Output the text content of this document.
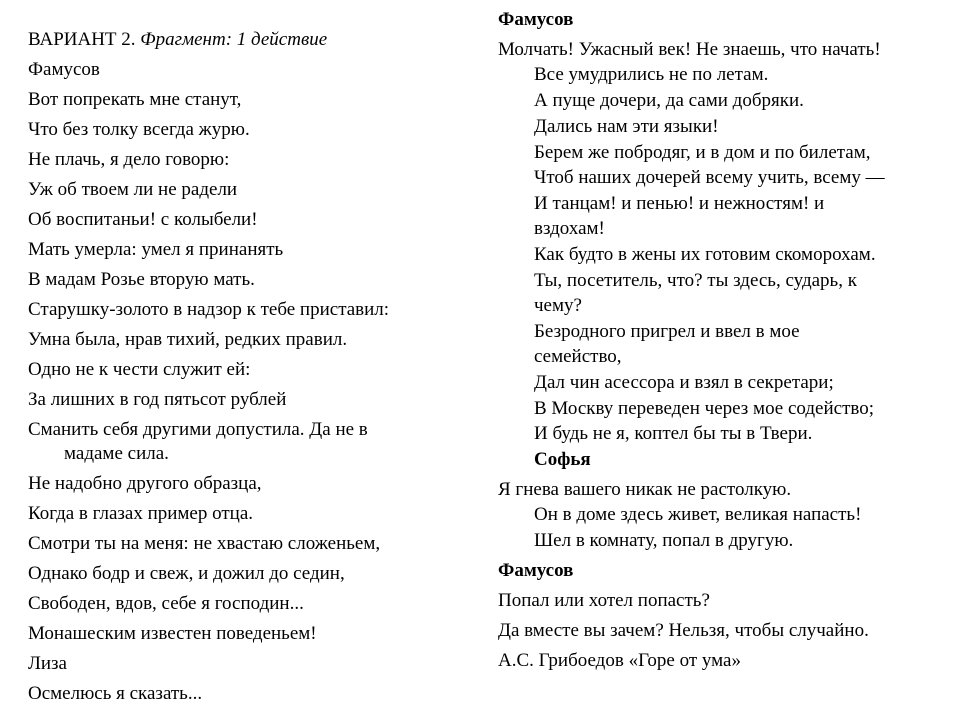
ВАРИАНТ 2. Фрагмент: 1 действие
Фамусов
Вот попрекать мне станут,
Что без толку всегда журю.
Не плачь, я дело говорю:
Уж об твоем ли не радели
Об воспитаньи! с колыбели!
Мать умерла: умел я принанять
В мадам Розье вторую мать.
Старушку-золото в надзор к тебе приставил:
Умна была, нрав тихий, редких правил.
Одно не к чести служит ей:
За лишних в год пятьсот рублей
Сманить себя другими допустила. Да не в
мадаме сила.
Не надобно другого образца,
Когда в глазах пример отца.
Смотри ты на меня: не хвастаю сложеньем,
Однако бодр и свеж, и дожил до седин,
Свободен, вдов, себе я господин...
Монашеским известен поведеньем!
Лиза
Осмелюсь я сказать...
Фамусов
Молчать! Ужасный век! Не знаешь, что начать!
Все умудрились не по летам.
А пуще дочери, да сами добряки.
Дались нам эти языки!
Берем же побродяг, и в дом и по билетам,
Чтоб наших дочерей всему учить, всему —
И танцам! и пенью! и нежностям! и
вздохам!
Как будто в жены их готовим скоморохам.
Ты, посетитель, что? ты здесь, сударь, к
чему?
Безродного пригрел и ввел в мое
семейство,
Дал чин асессора и взял в секретари;
В Москву переведен через мое содейство;
И будь не я, коптел бы ты в Твери.
Софья
Я гнева вашего никак не растолкую.
Он в доме здесь живет, великая напасть!
Шел в комнату, попал в другую.
Фамусов
Попал или хотел попасть?
Да вместе вы зачем? Нельзя, чтобы случайно.
А.С. Грибоедов «Горе от ума»
